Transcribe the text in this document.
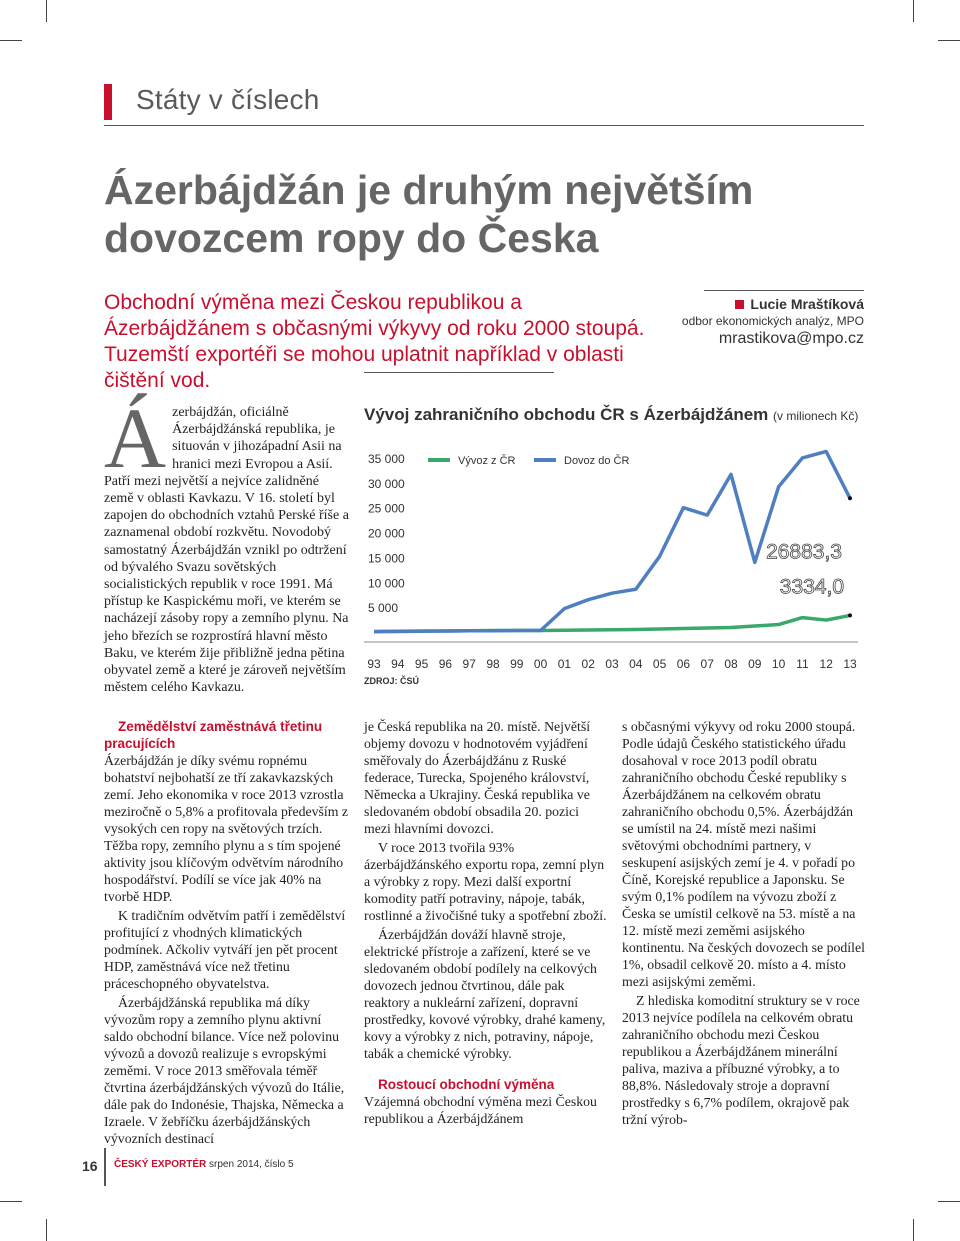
Státy v číslech
Ázerbájdžán je druhým největším dovozcem ropy do Česka
Obchodní výměna mezi Českou republikou a Ázerbájdžánem s občasnými výkyvy od roku 2000 stoupá. Tuzemští exportéři se mohou uplatnit například v oblasti čištění vod.
Lucie Mraštíková
odbor ekonomických analýz, MPO
mrastikova@mpo.cz
Ázerbájdžán, oficiálně Ázerbájdžánská republika, je situován v jihozápadní Asii na hranici mezi Evropou a Asií. Patří mezi největší a nejvíce zalidněné země v oblasti Kavkazu. V 16. století byl zapojen do obchodních vztahů Perské říše a zaznamenal období rozkvětu. Novodobý samostatný Ázerbájdžán vznikl po odtržení od bývalého Svazu sovětských socialistických republik v roce 1991. Má přístup ke Kaspickému moři, ve kterém se nacházejí zásoby ropy a zemního plynu. Na jeho březích se rozprostírá hlavní město Baku, ve kterém žije přibližně jedna pětina obyvatel země a které je zároveň největším městem celého Kavkazu.
Vývoj zahraničního obchodu ČR s Ázerbájdžánem (v milionech Kč)
35 000
30 000
25 000
20 000
15 000
10 000
5 000
93 94 95 96 97 98 99 00 01 02 03 04 05 06 07 08 09 10 11 12 13
ZDROJ: ČSÚ
Vývoz z ČR	Dovoz do ČR
26883,3
3334,0

Zemědělství zaměstnává třetinu pracujících

Ázerbájdžán je díky svému ropnému bohatství nejbohatší ze tří zakavkazských zemí. Jeho ekonomika v roce 2013 vzrostla meziročně o 5,8% a profitovala především z vysokých cen ropy na světových trzích. Těžba ropy, zemního plynu a s tím spojené aktivity jsou klíčovým odvětvím národního hospodářství. Podílí se více jak 40% na tvorbě HDP.

K tradičním odvětvím patří i zemědělství profitující z vhodných klimatických podmínek. Ačkoliv vytváří jen pět procent HDP, zaměstnává více než třetinu práceschopného obyvatelstva.

Ázerbájdžánská republika má díky vývozům ropy a zemního plynu aktivní saldo obchodní bilance. Více než polovinu vývozů a dovozů realizuje s evropskými zeměmi. V roce 2013 směřovala téměř čtvrtina ázerbájdžánských vývozů do Itálie, dále pak do Indonésie, Thajska, Německa a Izraele. V žebříčku ázerbájdžánských vývozních destinací

je Česká republika na 20. místě. Největší objemy dovozu v hodnotovém vyjádření směřovaly do Ázerbájdžánu z Ruské federace, Turecka, Spojeného království, Německa a Ukrajiny. Česká republika ve sledovaném období obsadila 20. pozici mezi hlavními dovozci.

V roce 2013 tvořila 93% ázerbájdžánského exportu ropa, zemní plyn a výrobky z ropy. Mezi další exportní komodity patří potraviny, nápoje, tabák, rostlinné a živočišné tuky a spotřební zboží.

Ázerbájdžán dováží hlavně stroje, elektrické přístroje a zařízení, které se ve sledovaném období podílely na celkových dovozech jednou čtvrtinou, dále pak reaktory a nukleární zařízení, dopravní prostředky, kovové výrobky, drahé kameny, kovy a výrobky z nich, potraviny, nápoje, tabák a chemické výrobky.

Rostoucí obchodní výměna

Vzájemná obchodní výměna mezi Českou republikou a Ázerbájdžánem

s občasnými výkyvy od roku 2000 stoupá. Podle údajů Českého statistického úřadu dosahoval v roce 2013 podíl obratu zahraničního obchodu České republiky s Ázerbájdžánem na celkovém obratu zahraničního obchodu 0,5%. Ázerbájdžán se umístil na 24. místě mezi našimi světovými obchodními partnery, v seskupení asijských zemí je 4. v pořadí po Číně, Korejské republice a Japonsku. Se svým 0,1% podílem na vývozu zboží z Česka se umístil celkově na 53. místě a na 12. místě mezi zeměmi asijského kontinentu. Na českých dovozech se podílel 1%, obsadil celkově 20. místo a 4. místo mezi asijskými zeměmi.

Z hlediska komoditní struktury se v roce 2013 nejvíce podílela na celkovém obratu zahraničního obchodu mezi Českou republikou a Ázerbájdžánem minerální paliva, maziva a příbuzné výrobky, a to 88,8%. Následovaly stroje a dopravní prostředky s 6,7% podílem, okrajově pak tržní výrob-

16 ČESKÝ EXPORTÉR srpen 2014, číslo 5
